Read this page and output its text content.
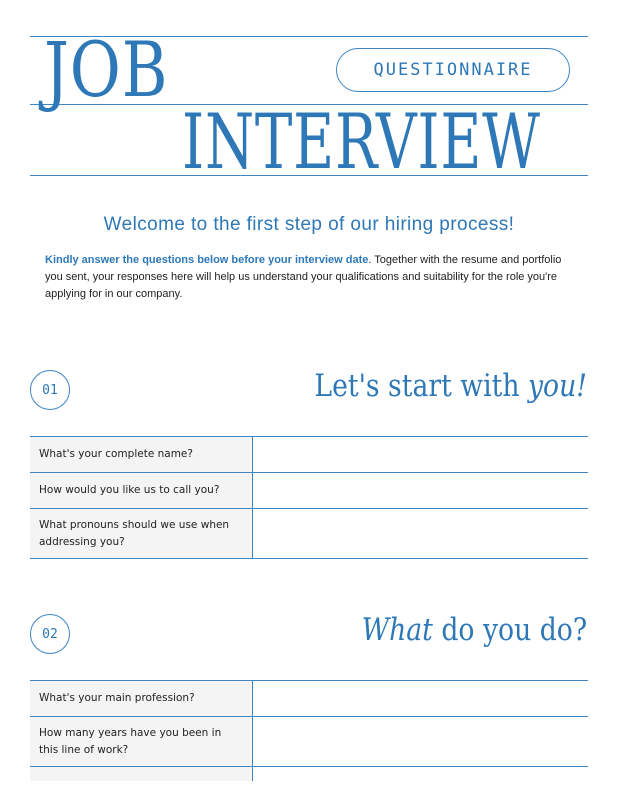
JOB
INTERVIEW
QUESTIONNAIRE
Welcome to the first step of our hiring process!

Kindly answer the questions below before your interview date. Together with the resume and portfolio you sent, your responses here will help us understand your qualifications and suitability for the role you're applying for in our company.

01	Let's start with you!
What's your complete name?
How would you like us to call you?
What pronouns should we use when addressing you?
02	What do you do?
What's your main profession?
How many years have you been in this line of work?
